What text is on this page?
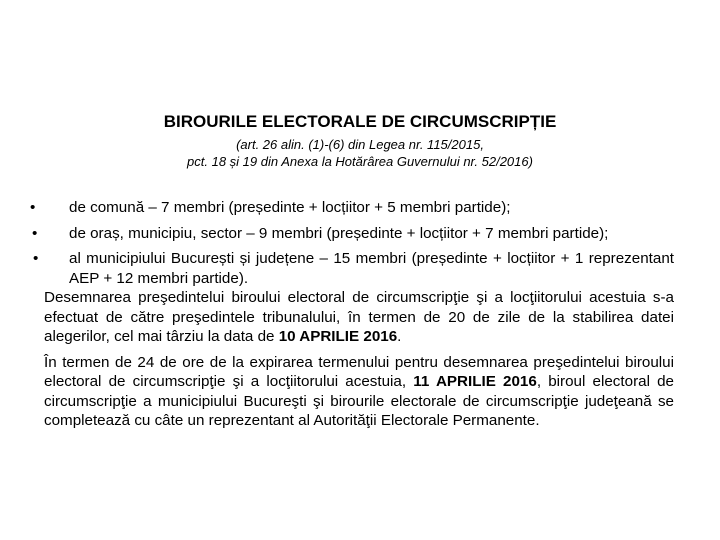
BIROURILE ELECTORALE DE CIRCUMSCRIPȚIE
(art. 26 alin. (1)-(6) din Legea nr. 115/2015,
pct. 18 și 19 din Anexa la Hotărârea Guvernului nr. 52/2016)
• de comună – 7 membri (președinte + locțiitor + 5 membri partide);
• de oraș, municipiu, sector – 9 membri (președinte + locțiitor + 7 membri partide);
• al municipiului București și județene – 15 membri (președinte + locțiitor + 1 reprezentant AEP + 12 membri partide).

Desemnarea preşedintelui biroului electoral de circumscripţie şi a locţiitorului acestuia s-a efectuat de către preşedintele tribunalului, în termen de 20 de zile de la stabilirea datei alegerilor, cel mai târziu la data de 10 APRILIE 2016.

În termen de 24 de ore de la expirarea termenului pentru desemnarea preşedintelui biroului electoral de circumscripţie şi a locţiitorului acestuia, 11 APRILIE 2016, biroul electoral de circumscripţie a municipiului Bucureşti şi birourile electorale de circumscripţie judeţeană se completează cu câte un reprezentant al Autorităţii Electorale Permanente.
